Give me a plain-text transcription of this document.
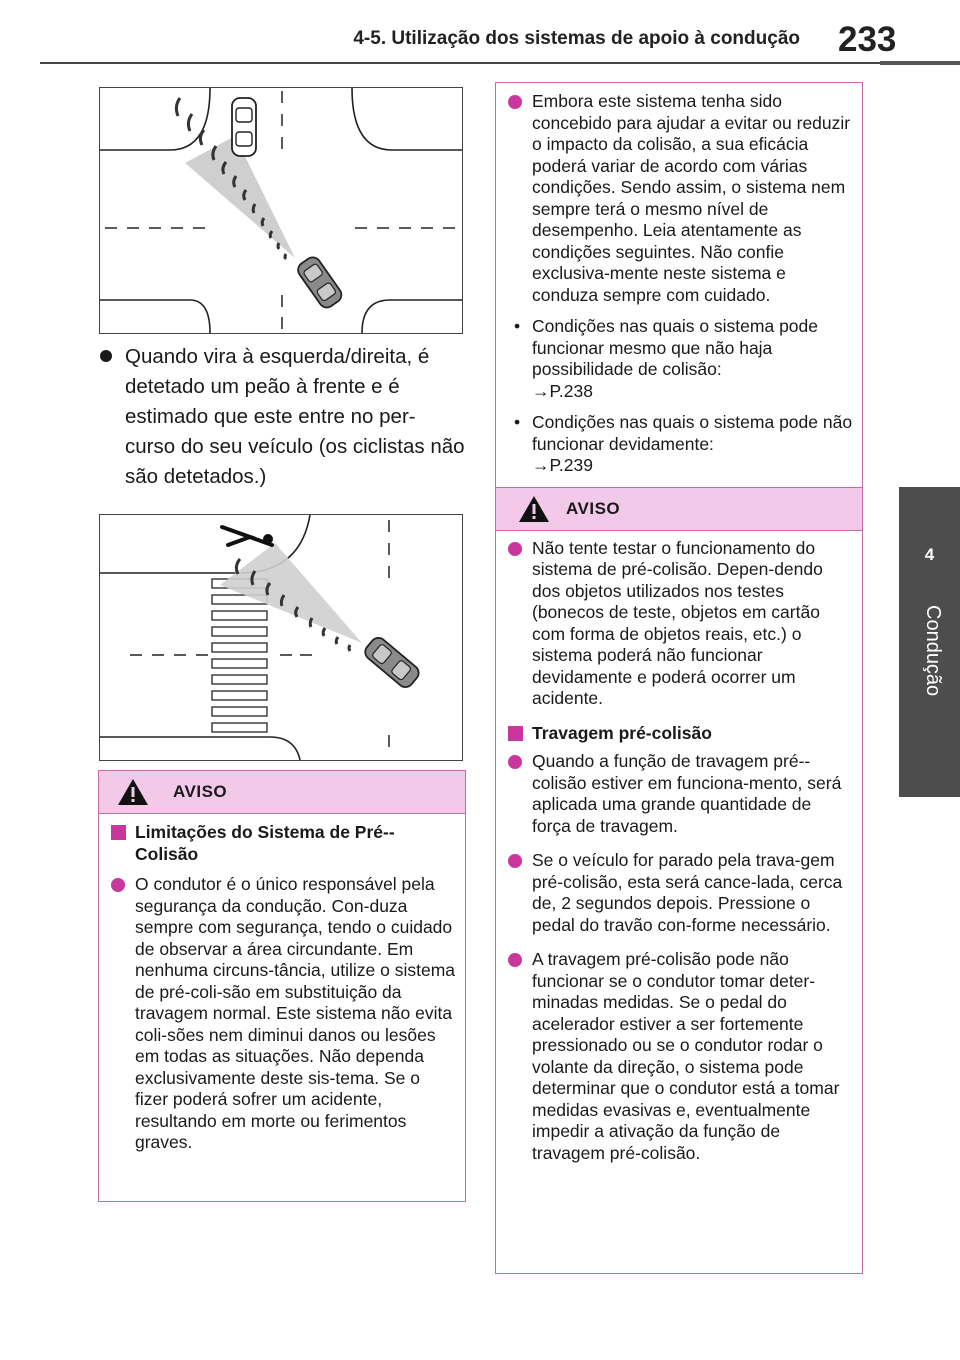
4-5. Utilização dos sistemas de apoio à condução 233
4
Condução
Quando vira à esquerda/direita, é detetado um peão à frente e é estimado que este entre no per-curso do seu veículo (os ciclistas não são detetados.)
AVISO
Limitações do Sistema de Pré--Colisão
O condutor é o único responsável pela segurança da condução. Con-duza sempre com segurança, tendo o cuidado de observar a área circundante. Em nenhuma circuns-tância, utilize o sistema de pré-coli-são em substituição da travagem normal. Este sistema não evita coli-sões nem diminui danos ou lesões em todas as situações. Não dependa exclusivamente deste sis-tema. Se o fizer poderá sofrer um acidente, resultando em morte ou ferimentos graves.
Embora este sistema tenha sido concebido para ajudar a evitar ou reduzir o impacto da colisão, a sua eficácia poderá variar de acordo com várias condições. Sendo assim, o sistema nem sempre terá o mesmo nível de desempenho. Leia atentamente as condições seguintes. Não confie exclusiva-mente neste sistema e conduza sempre com cuidado.
• Condições nas quais o sistema pode funcionar mesmo que não haja possibilidade de colisão:
→P.238
• Condições nas quais o sistema pode não funcionar devidamente:
→P.239
AVISO
Não tente testar o funcionamento do sistema de pré-colisão. Depen-dendo dos objetos utilizados nos testes (bonecos de teste, objetos em cartão com forma de objetos reais, etc.) o sistema poderá não funcionar devidamente e poderá ocorrer um acidente.
Travagem pré-colisão
Quando a função de travagem pré--colisão estiver em funciona-mento, será aplicada uma grande quantidade de força de travagem.
Se o veículo for parado pela trava-gem pré-colisão, esta será cance-lada, cerca de, 2 segundos depois. Pressione o pedal do travão con-forme necessário.
A travagem pré-colisão pode não funcionar se o condutor tomar deter-minadas medidas. Se o pedal do acelerador estiver a ser fortemente pressionado ou se o condutor rodar o volante da direção, o sistema pode determinar que o condutor está a tomar medidas evasivas e, eventualmente impedir a ativação da função de travagem pré-colisão.
